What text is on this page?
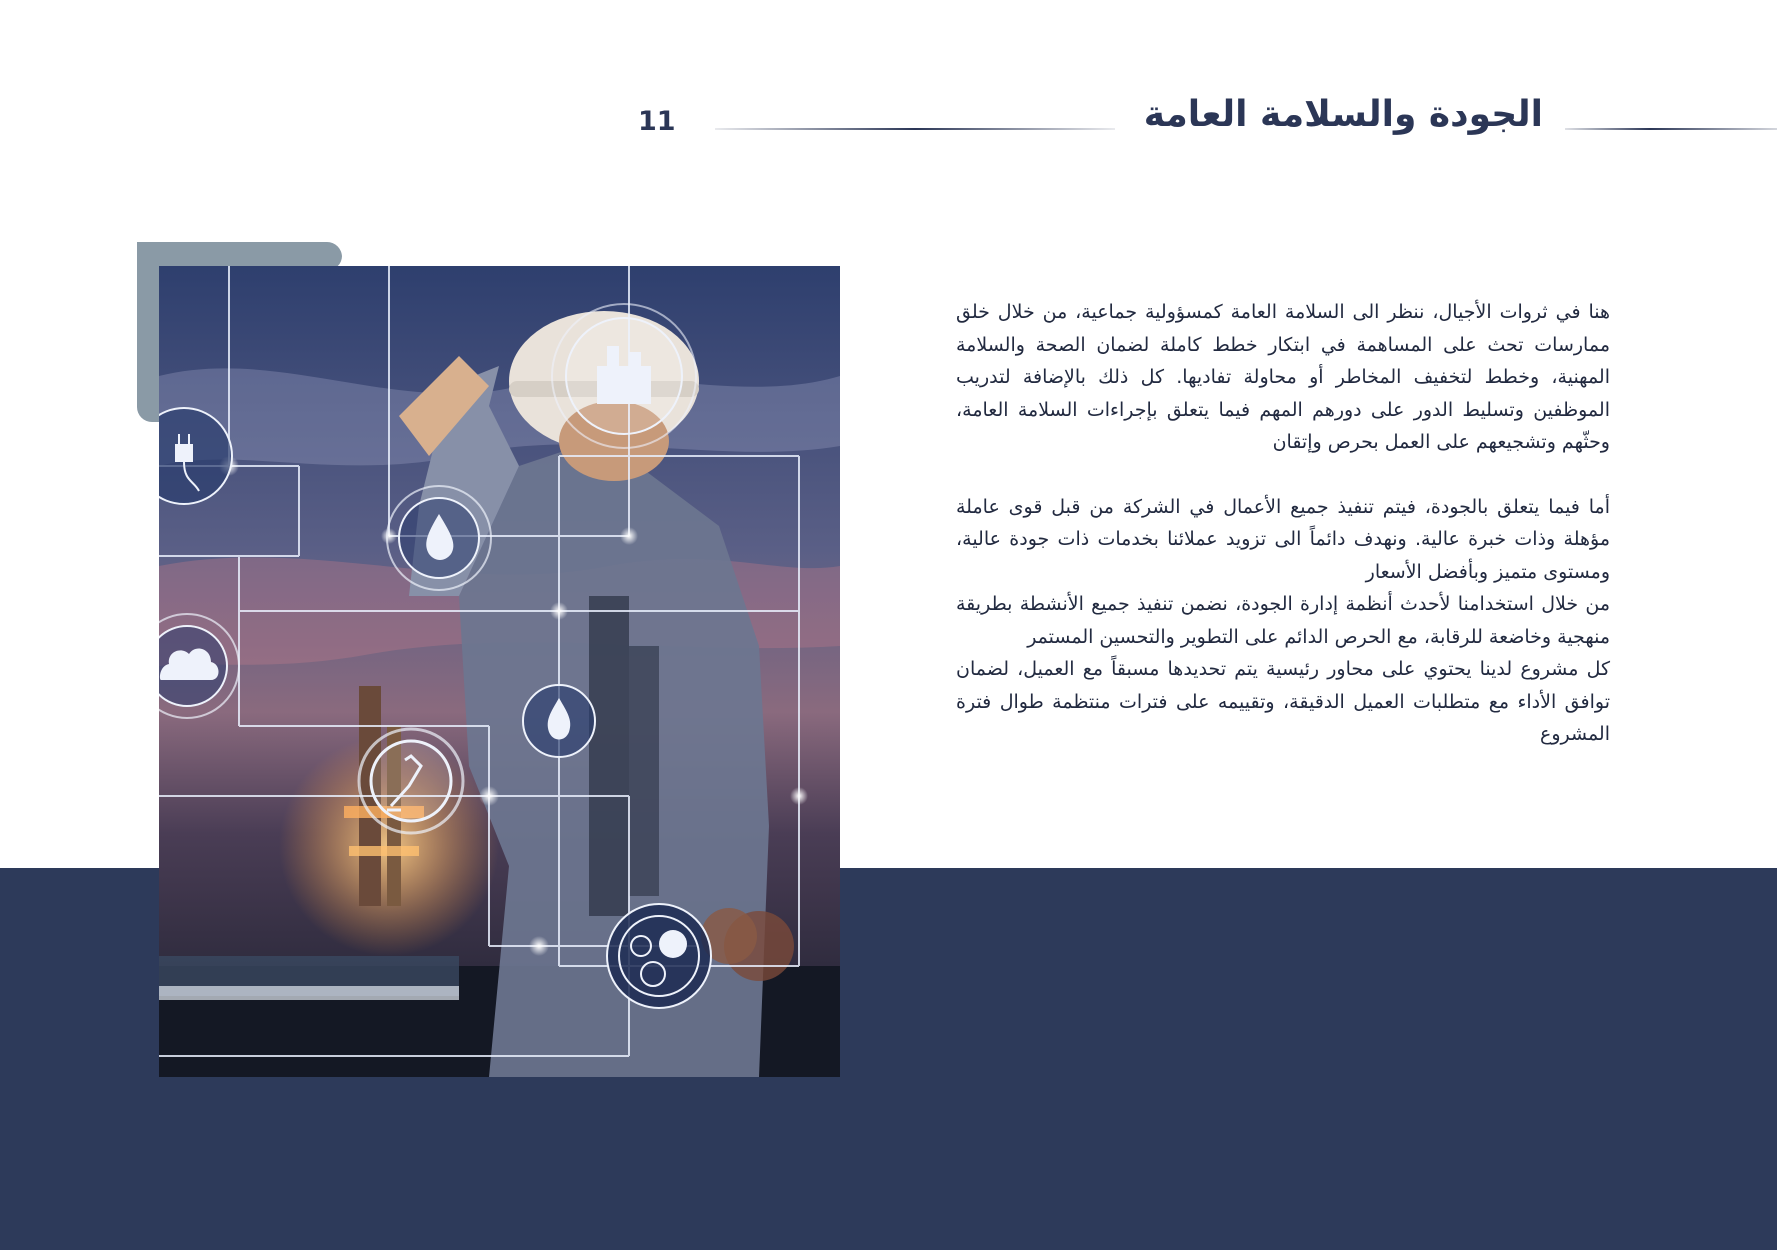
الجودة والسلامة العامة
11

هنا في ثروات الأجيال، ننظر الى السلامة العامة كمسؤولية جماعية، من خلال خلق ممارسات تحث على المساهمة في ابتكار خطط كاملة لضمان الصحة والسلامة المهنية، وخطط لتخفيف المخاطر أو محاولة تفاديها. كل ذلك بالإضافة لتدريب الموظفين وتسليط الدور على دورهم المهم فيما يتعلق بإجراءات السلامة العامة، وحثّهم وتشجيعهم على العمل بحرص وإتقان

أما فيما يتعلق بالجودة، فيتم تنفيذ جميع الأعمال في الشركة من قبل قوى عاملة مؤهلة وذات خبرة عالية. ونهدف دائماً الى تزويد عملائنا بخدمات ذات جودة عالية، ومستوى متميز وبأفضل الأسعار

من خلال استخدامنا لأحدث أنظمة إدارة الجودة، نضمن تنفيذ جميع الأنشطة بطريقة منهجية وخاضعة للرقابة، مع الحرص الدائم على التطوير والتحسين المستمر

كل مشروع لدينا يحتوي على محاور رئيسية يتم تحديدها مسبقاً مع العميل، لضمان توافق الأداء مع متطلبات العميل الدقيقة، وتقييمه على فترات منتظمة طوال فترة المشروع
